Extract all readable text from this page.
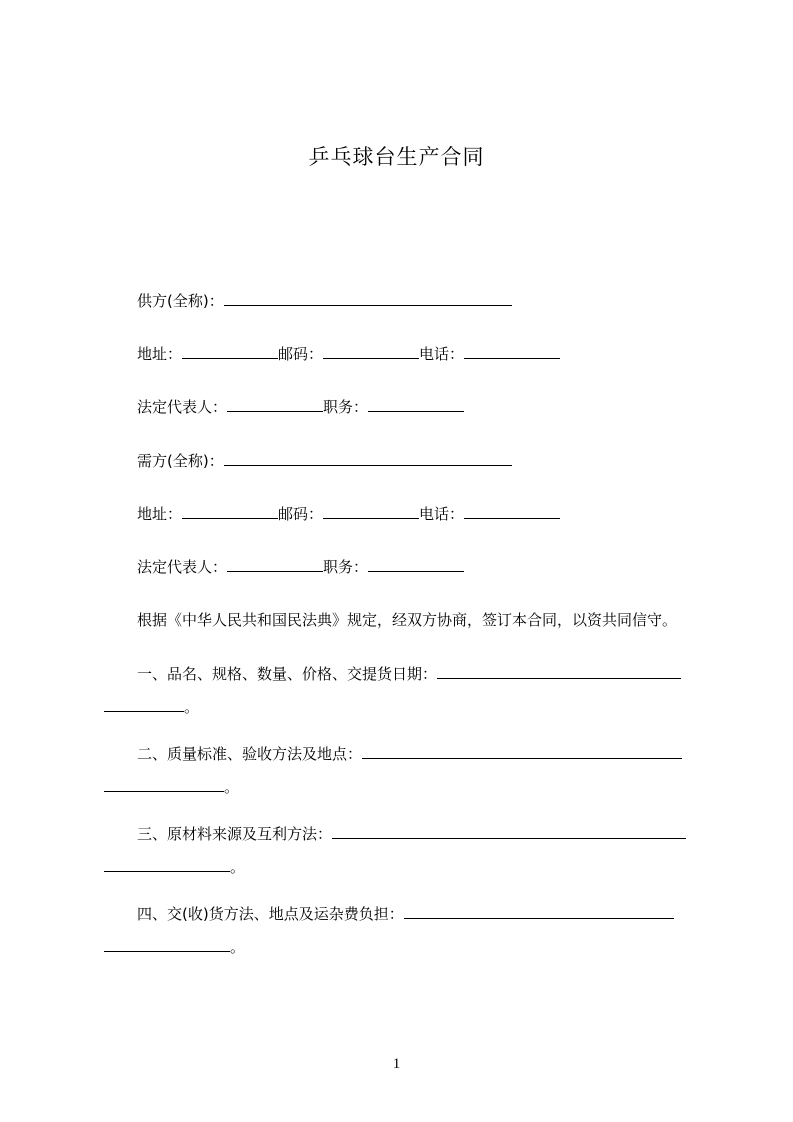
乒乓球台生产合同
供方(全称)：
地址：	邮码：	电话：
法定代表人：	职务：
需方(全称)：
地址：	邮码：	电话：
法定代表人：	职务：
根据《中华人民共和国民法典》规定，经双方协商，签订本合同，以资共同信守。
一、品名、规格、数量、价格、交提货日期：
。
二、质量标准、验收方法及地点：
。
三、原材料来源及互利方法：
。
四、交(收)货方法、地点及运杂费负担：
。
1
